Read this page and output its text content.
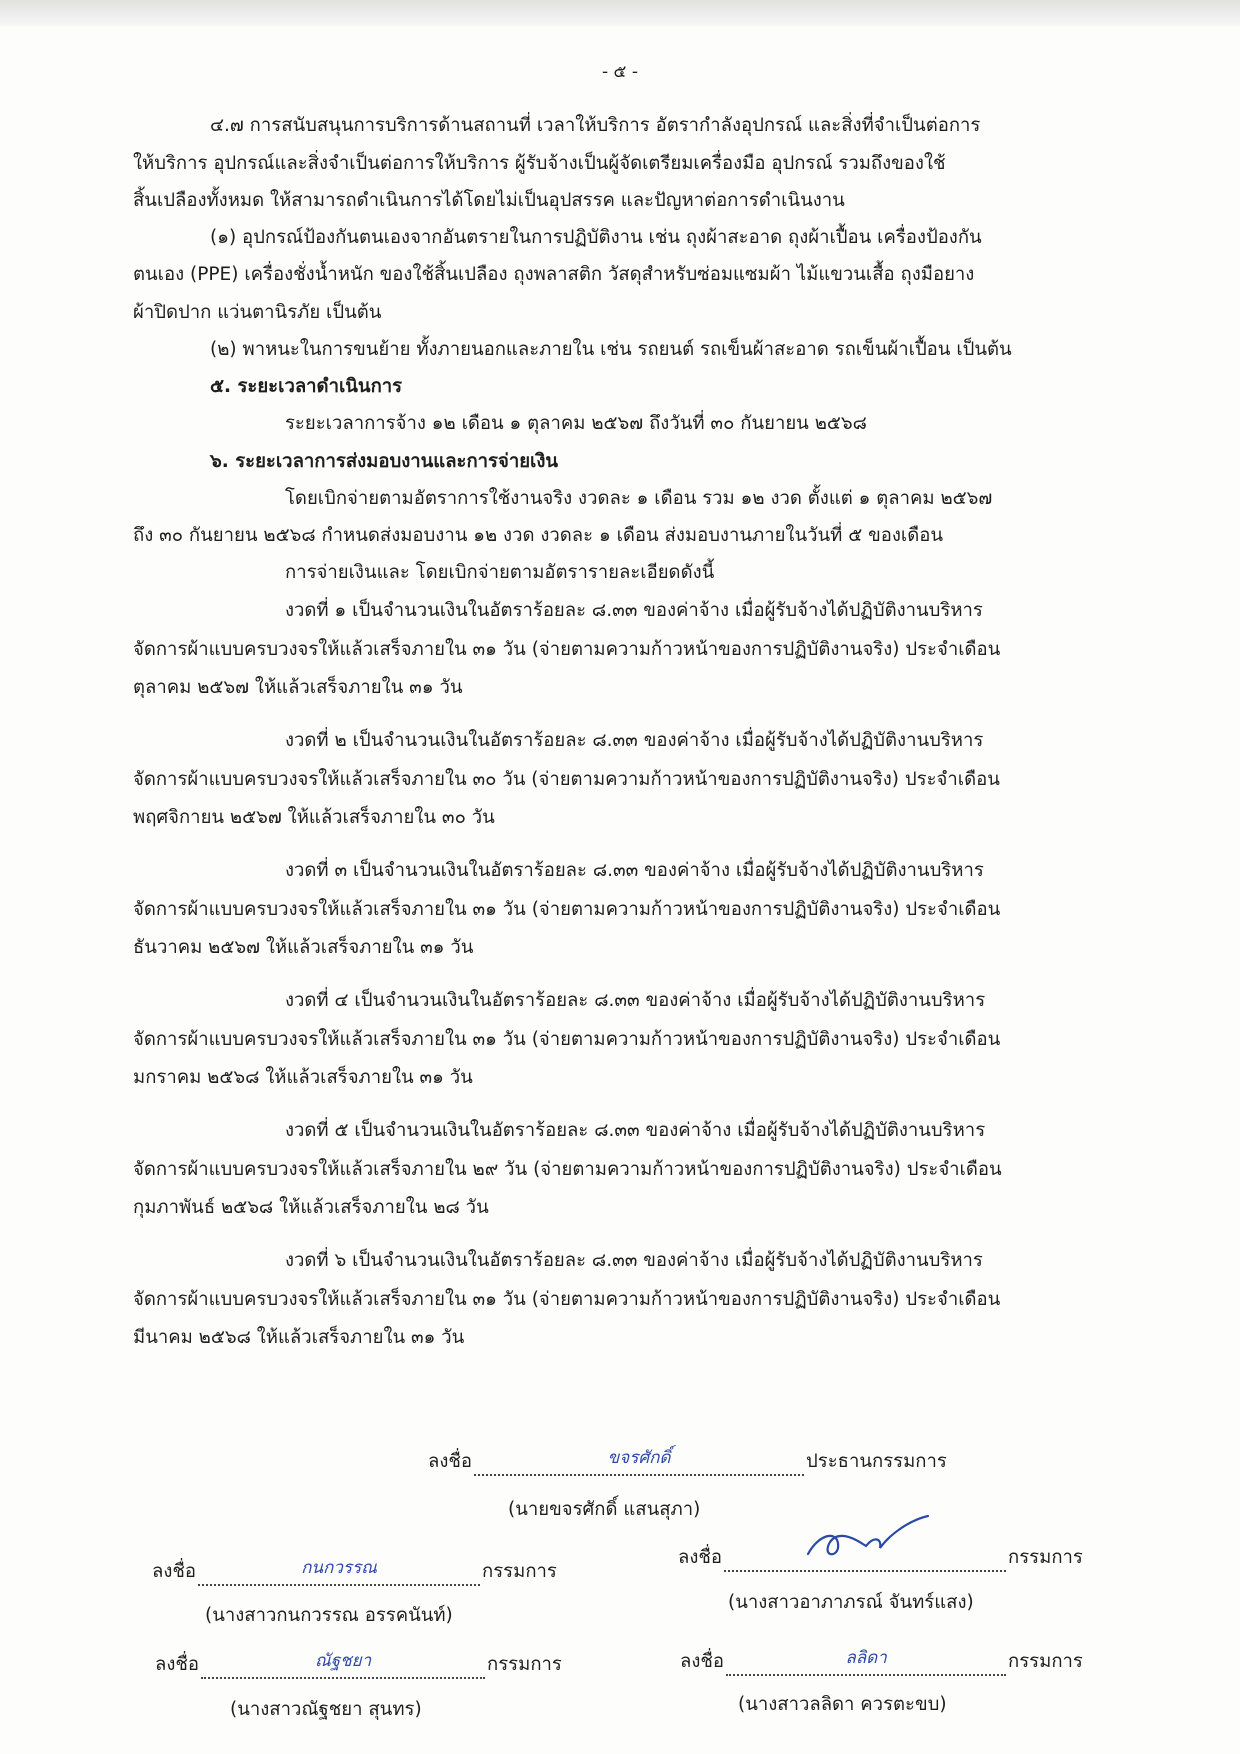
- ๕ -
๔.๗ การสนับสนุนการบริการด้านสถานที่ เวลาให้บริการ อัตรากำลังอุปกรณ์ และสิ่งที่จำเป็นต่อการ
ให้บริการ อุปกรณ์และสิ่งจำเป็นต่อการให้บริการ ผู้รับจ้างเป็นผู้จัดเตรียมเครื่องมือ อุปกรณ์ รวมถึงของใช้
สิ้นเปลืองทั้งหมด ให้สามารถดำเนินการได้โดยไม่เป็นอุปสรรค และปัญหาต่อการดำเนินงาน
(๑) อุปกรณ์ป้องกันตนเองจากอันตรายในการปฏิบัติงาน เช่น ถุงผ้าสะอาด ถุงผ้าเปื้อน เครื่องป้องกัน
ตนเอง (PPE) เครื่องชั่งน้ำหนัก ของใช้สิ้นเปลือง ถุงพลาสติก วัสดุสำหรับซ่อมแซมผ้า ไม้แขวนเสื้อ ถุงมือยาง
ผ้าปิดปาก แว่นตานิรภัย เป็นต้น
(๒) พาหนะในการขนย้าย ทั้งภายนอกและภายใน เช่น รถยนต์ รถเข็นผ้าสะอาด รถเข็นผ้าเปื้อน เป็นต้น
๕. ระยะเวลาดำเนินการ
ระยะเวลาการจ้าง ๑๒ เดือน ๑ ตุลาคม ๒๕๖๗ ถึงวันที่ ๓๐ กันยายน ๒๕๖๘
๖. ระยะเวลาการส่งมอบงานและการจ่ายเงิน
โดยเบิกจ่ายตามอัตราการใช้งานจริง งวดละ ๑ เดือน รวม ๑๒ งวด ตั้งแต่ ๑ ตุลาคม ๒๕๖๗
ถึง ๓๐ กันยายน ๒๕๖๘ กำหนดส่งมอบงาน ๑๒ งวด งวดละ ๑ เดือน ส่งมอบงานภายในวันที่ ๕ ของเดือน
การจ่ายเงินและ โดยเบิกจ่ายตามอัตรารายละเอียดดังนี้
งวดที่ ๑ เป็นจำนวนเงินในอัตราร้อยละ ๘.๓๓ ของค่าจ้าง เมื่อผู้รับจ้างได้ปฏิบัติงานบริหาร
จัดการผ้าแบบครบวงจรให้แล้วเสร็จภายใน ๓๑ วัน (จ่ายตามความก้าวหน้าของการปฏิบัติงานจริง) ประจำเดือน
ตุลาคม ๒๕๖๗ ให้แล้วเสร็จภายใน ๓๑ วัน
งวดที่ ๒ เป็นจำนวนเงินในอัตราร้อยละ ๘.๓๓ ของค่าจ้าง เมื่อผู้รับจ้างได้ปฏิบัติงานบริหาร
จัดการผ้าแบบครบวงจรให้แล้วเสร็จภายใน ๓๐ วัน (จ่ายตามความก้าวหน้าของการปฏิบัติงานจริง) ประจำเดือน
พฤศจิกายน ๒๕๖๗ ให้แล้วเสร็จภายใน ๓๐ วัน
งวดที่ ๓ เป็นจำนวนเงินในอัตราร้อยละ ๘.๓๓ ของค่าจ้าง เมื่อผู้รับจ้างได้ปฏิบัติงานบริหาร
จัดการผ้าแบบครบวงจรให้แล้วเสร็จภายใน ๓๑ วัน (จ่ายตามความก้าวหน้าของการปฏิบัติงานจริง) ประจำเดือน
ธันวาคม ๒๕๖๗ ให้แล้วเสร็จภายใน ๓๑ วัน
งวดที่ ๔ เป็นจำนวนเงินในอัตราร้อยละ ๘.๓๓ ของค่าจ้าง เมื่อผู้รับจ้างได้ปฏิบัติงานบริหาร
จัดการผ้าแบบครบวงจรให้แล้วเสร็จภายใน ๓๑ วัน (จ่ายตามความก้าวหน้าของการปฏิบัติงานจริง) ประจำเดือน
มกราคม ๒๕๖๘ ให้แล้วเสร็จภายใน ๓๑ วัน
งวดที่ ๕ เป็นจำนวนเงินในอัตราร้อยละ ๘.๓๓ ของค่าจ้าง เมื่อผู้รับจ้างได้ปฏิบัติงานบริหาร
จัดการผ้าแบบครบวงจรให้แล้วเสร็จภายใน ๒๙ วัน (จ่ายตามความก้าวหน้าของการปฏิบัติงานจริง) ประจำเดือน
กุมภาพันธ์ ๒๕๖๘ ให้แล้วเสร็จภายใน ๒๘ วัน
งวดที่ ๖ เป็นจำนวนเงินในอัตราร้อยละ ๘.๓๓ ของค่าจ้าง เมื่อผู้รับจ้างได้ปฏิบัติงานบริหาร
จัดการผ้าแบบครบวงจรให้แล้วเสร็จภายใน ๓๑ วัน (จ่ายตามความก้าวหน้าของการปฏิบัติงานจริง) ประจำเดือน
มีนาคม ๒๕๖๘ ให้แล้วเสร็จภายใน ๓๑ วัน
ลงชื่อ	ขจรศักดิ์	ประธานกรรมการ
(นายขจรศักดิ์ แสนสุภา)
ลงชื่อ	กนกวรรณ	กรรมการ
(นางสาวกนกวรรณ อรรคนันท์)
ลงชื่อ	กรรมการ
(นางสาวอาภาภรณ์ จันทร์แสง)
ลงชื่อ	ณัฐชยา	กรรมการ
(นางสาวณัฐชยา สุนทร)
ลงชื่อ	ลลิดา	กรรมการ
(นางสาวลลิดา ควรตะขบ)
